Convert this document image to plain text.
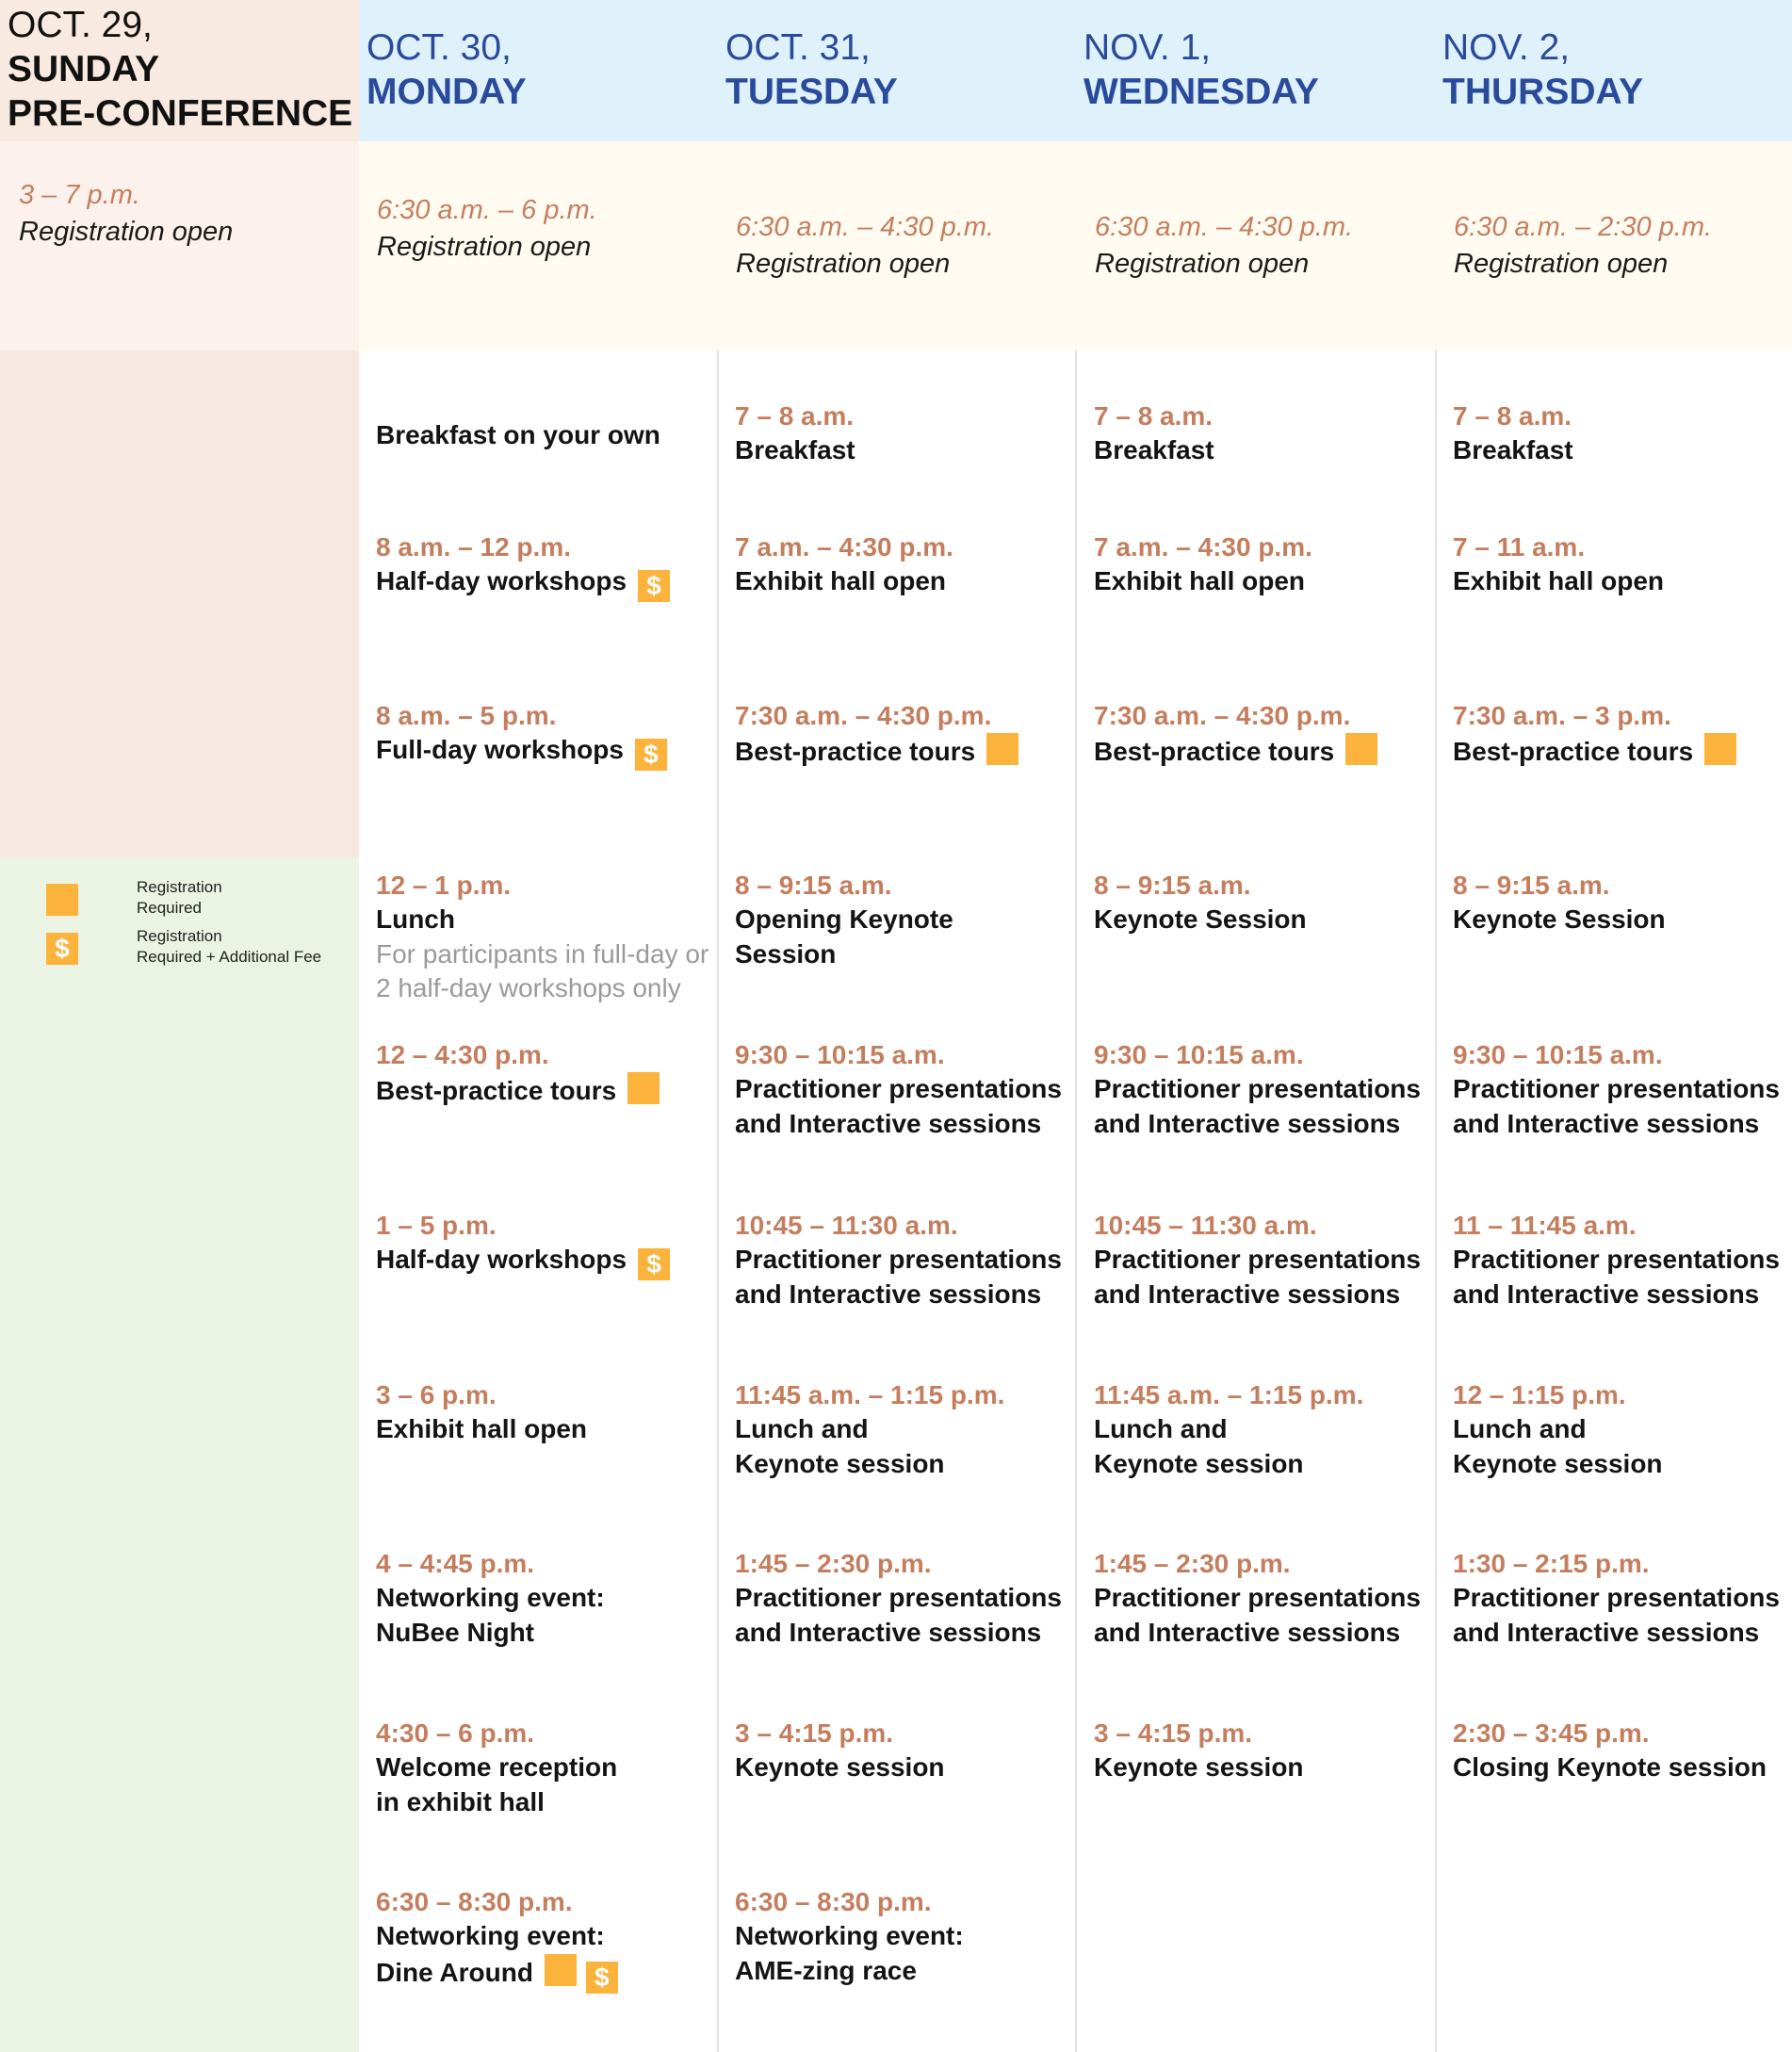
OCT. 29,
SUNDAY
PRE-CONFERENCE
OCT. 30,
MONDAY
OCT. 31,
TUESDAY
NOV. 1,
WEDNESDAY
NOV. 2,
THURSDAY
3 – 7 p.m.
Registration open
6:30 a.m. – 6 p.m.
Registration open
6:30 a.m. – 4:30 p.m.
Registration open
6:30 a.m. – 4:30 p.m.
Registration open
6:30 a.m. – 2:30 p.m.
Registration open
Breakfast on your own
8 a.m. – 12 p.m.
Half-day workshops $
8 a.m. – 5 p.m.
Full-day workshops $
12 – 1 p.m.
Lunch
For participants in full-day or
2 half-day workshops only
12 – 4:30 p.m.
Best-practice tours
1 – 5 p.m.
Half-day workshops $
3 – 6 p.m.
Exhibit hall open
4 – 4:45 p.m.
Networking event:
NuBee Night
4:30 – 6 p.m.
Welcome reception
in exhibit hall
6:30 – 8:30 p.m.
Networking event:
Dine Around $
7 – 8 a.m.
Breakfast
7 a.m. – 4:30 p.m.
Exhibit hall open
7:30 a.m. – 4:30 p.m.
Best-practice tours
8 – 9:15 a.m.
Opening Keynote
Session
9:30 – 10:15 a.m.
Practitioner presentations
and Interactive sessions
10:45 – 11:30 a.m.
Practitioner presentations
and Interactive sessions
11:45 a.m. – 1:15 p.m.
Lunch and
Keynote session
1:45 – 2:30 p.m.
Practitioner presentations
and Interactive sessions
3 – 4:15 p.m.
Keynote session
6:30 – 8:30 p.m.
Networking event:
AME-zing race
7 – 8 a.m.
Breakfast
7 a.m. – 4:30 p.m.
Exhibit hall open
7:30 a.m. – 4:30 p.m.
Best-practice tours
8 – 9:15 a.m.
Keynote Session
9:30 – 10:15 a.m.
Practitioner presentations
and Interactive sessions
10:45 – 11:30 a.m.
Practitioner presentations
and Interactive sessions
11:45 a.m. – 1:15 p.m.
Lunch and
Keynote session
1:45 – 2:30 p.m.
Practitioner presentations
and Interactive sessions
3 – 4:15 p.m.
Keynote session
7 – 8 a.m.
Breakfast
7 – 11 a.m.
Exhibit hall open
7:30 a.m. – 3 p.m.
Best-practice tours
8 – 9:15 a.m.
Keynote Session
9:30 – 10:15 a.m.
Practitioner presentations
and Interactive sessions
11 – 11:45 a.m.
Practitioner presentations
and Interactive sessions
12 – 1:15 p.m.
Lunch and
Keynote session
1:30 – 2:15 p.m.
Practitioner presentations
and Interactive sessions
2:30 – 3:45 p.m.
Closing Keynote session
Registration
Required
$	Registration
Required + Additional Fee
